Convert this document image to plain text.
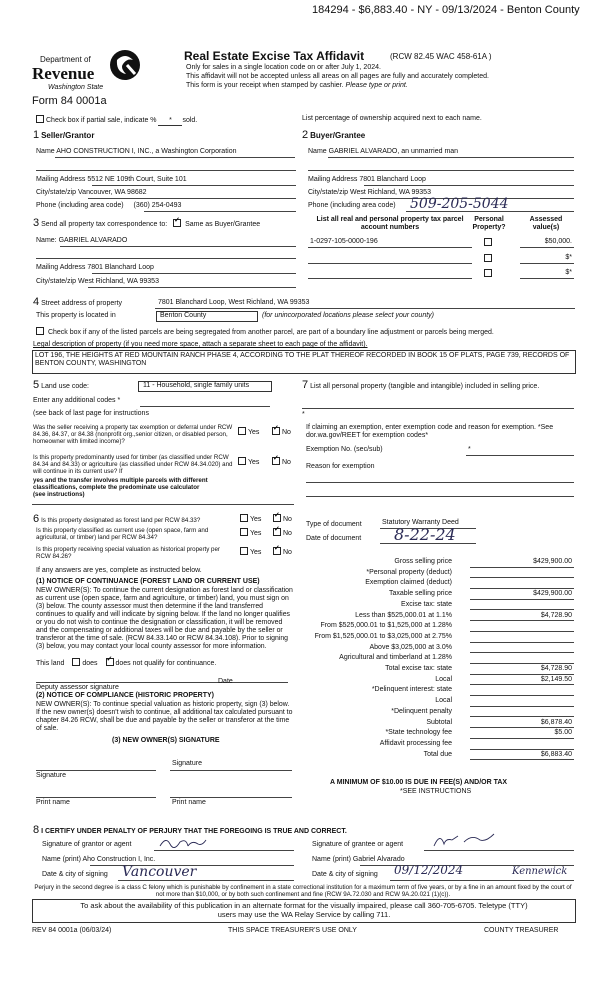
184294 - $6,883.40 - NY - 09/13/2024 - Benton County
Department of
Revenue
Washington State
Form 84 0001a
Real Estate Excise Tax Affidavit	(RCW 82.45 WAC 458-61A )
Only for sales in a single location code on or after July 1, 2024.
This affidavit will not be accepted unless all areas on all pages are fully and accurately completed.
This form is your receipt when stamped by cashier. Please type or print.
Check box if partial sale, indicate % * sold.	List percentage of ownership acquired next to each name.
1 Seller/Grantor	2 Buyer/Grantee
Name AHO CONSTRUCTION I, INC., a Washington Corporation
Mailing Address 5512 NE 109th Court, Suite 101
City/state/zip Vancouver, WA 98682
Phone (including area code) (360) 254-0493
Name GABRIEL ALVARADO, an unmarried man
Mailing Address 7801 Blanchard Loop
City/state/zip West Richland, WA 99353
Phone (including area code) 509-205-5044
3 Send all property tax correspondence to: ✓	Same as Buyer/Grantee
Name: GABRIEL ALVARADO
Mailing Address 7801 Blanchard Loop
City/state/zip West Richland, WA 99353
List all real and personal property tax parcel account numbers
Personal Property?
Assessed value(s)
1-0297-105-0000-196	$50,000.
$*
$*
4 Street address of property	7801 Blanchard Loop, West Richland, WA 99353
This property is located in	Benton County	(for unincorporated locations please select your county)
Check box if any of the listed parcels are being segregated from another parcel, are part of a boundary line adjustment or parcels being merged.
Legal description of property (if you need more space, attach a separate sheet to each page of the affidavit).
LOT 196, THE HEIGHTS AT RED MOUNTAIN RANCH PHASE 4, ACCORDING TO THE PLAT THEREOF RECORDED IN BOOK 15 OF PLATS, PAGE 739, RECORDS OF BENTON COUNTY, WASHINGTON
5 Land use code:	11 - Household, single family units
Enter any additional codes *
(see back of last page for instructions
Was the seller receiving a property tax exemption or deferral under RCW 84.36, 84.37, or 84.38 (nonprofit org.,senior citizen, or disabled person, homeowner with limited income)?
Yes ✓	No
Is this property predominantly used for timber (as classified under RCW 84.34 and 84.33) or agriculture (as classified under RCW 84.34.020) and will continue in its current use? If
yes and the transfer involves multiple parcels with different classifications, complete the predominate use calculator (see instructions)
Yes ✓	No
7 List all personal property (tangible and intangible) included in selling price.
*
If claiming an exemption, enter exemption code and reason for exemption. *See dor.wa.gov/REET for exemption codes*
Exemption No. (sec/sub)	*
Reason for exemption
6 Is this property designated as forest land per RCW 84.33?	Yes ✓	No
Is this property classified as current use (open space, farm and agricultural, or timber) land per RCW 84.34?
Yes ✓	No
Is this property receiving special valuation as historical property per RCW 84.26?
Yes ✓	No
If any answers are yes, complete as instructed below.
(1) NOTICE OF CONTINUANCE (FOREST LAND OR CURRENT USE)
NEW OWNER(S): To continue the current designation as forest land or classification as current use (open space, farm and agriculture, or timber) land, you must sign on (3) below. The county assessor must then determine if the land transferred continues to qualify and will indicate by signing below. If the land no longer qualifies or you do not wish to continue the designation or classification, it will be removed and the compensating or additional taxes will be due and payable by the seller or transferor at the time of sale. (RCW 84.33.140 or RCW 84.34.108). Prior to signing (3) below, you may contact your local county assessor for more information.
This land	does ✓	does not qualify for continuance.
Deputy assessor signature
Date
(2) NOTICE OF COMPLIANCE (HISTORIC PROPERTY)
NEW OWNER(S): To continue special valuation as historic property, sign (3) below. If the new owner(s) doesn't wish to continue, all additional tax calculated pursuant to chapter 84.26 RCW, shall be due and payable by the seller or transferor at the time of sale.
(3) NEW OWNER(S) SIGNATURE
Signature
Signature
Print name	Print name
Type of document	Statutory Warranty Deed
Date of document 8-22-24
Gross selling price	$429,900.00
*Personal property (deduct)
Exemption claimed (deduct)
Taxable selling price	$429,900.00
Excise tax: state
Less than $525,000.01 at 1.1%	$4,728.90
From $525,000.01 to $1,525,000 at 1.28%
From $1,525,000.01 to $3,025,000 at 2.75%
Above $3,025,000 at 3.0%
Agricultural and timberland at 1.28%
Total excise tax: state	$4,728.90
Local	$2,149.50
*Delinquent interest: state
Local
*Delinquent penalty
Subtotal	$6,878.40
*State technology fee	$5.00
Affidavit processing fee
Total due	$6,883.40
A MINIMUM OF $10.00 IS DUE IN FEE(S) AND/OR TAX
*SEE INSTRUCTIONS
8 I CERTIFY UNDER PENALTY OF PERJURY THAT THE FOREGOING IS TRUE AND CORRECT.
Signature of grantor or agent	Signature of grantee or agent
Name (print) Aho Construction I, Inc.	Name (print) Gabriel Alvarado
Date & city of signing Vancouver	Date & city of signing 09/12/2024	Kennewick
Perjury in the second degree is a class C felony which is punishable by confinement in a state correctional institution for a maximum term of five years, or by a fine in an amount fixed by the court of not more than $10,000, or by both such confinement and fine (RCW 9A.72.030 and RCW 9A.20.021 (1)(c)).
To ask about the availability of this publication in an alternate format for the visually impaired, please call 360-705-6705. Teletype (TTY) users may use the WA Relay Service by calling 711.
REV 84 0001a (06/03/24)	THIS SPACE TREASURER'S USE ONLY	COUNTY TREASURER
